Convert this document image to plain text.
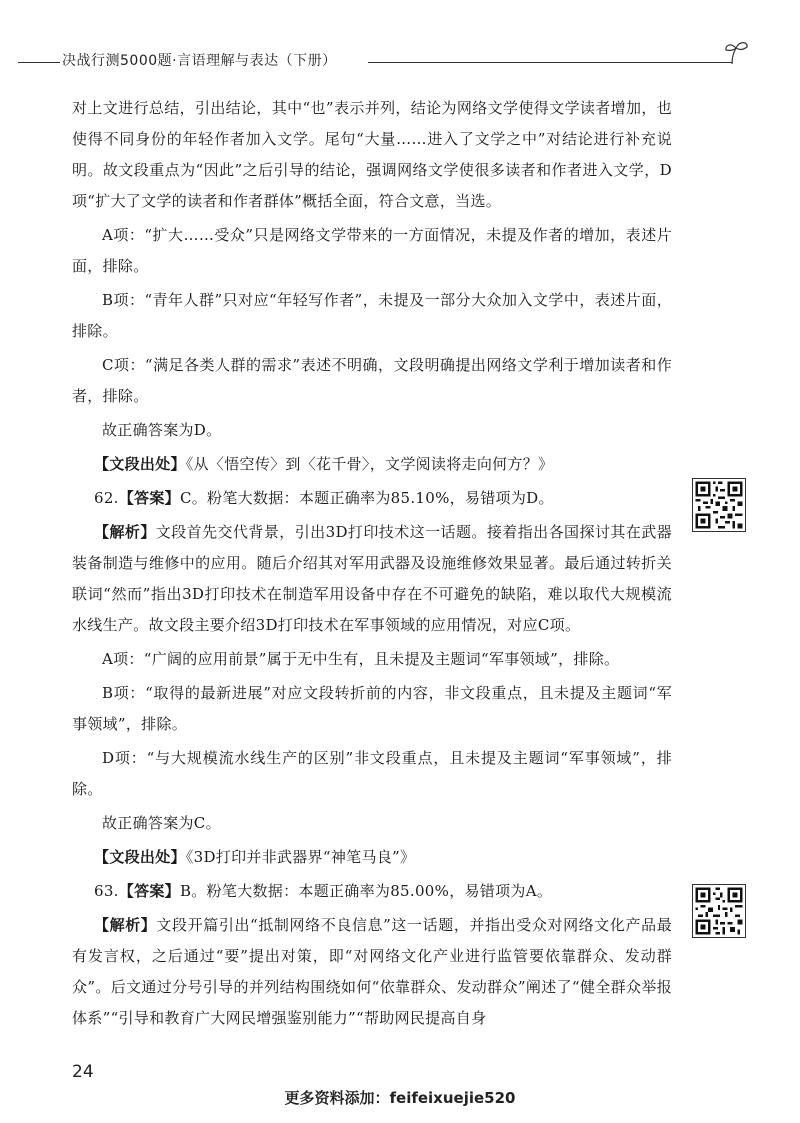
决战行测5000题·言语理解与表达（下册）

对上文进行总结，引出结论，其中“也”表示并列，结论为网络文学使得文学读者增加，也使得不同身份的年轻作者加入文学。尾句“大量……进入了文学之中”对结论进行补充说明。故文段重点为“因此”之后引导的结论，强调网络文学使很多读者和作者进入文学，D项“扩大了文学的读者和作者群体”概括全面，符合文意，当选。

A项：“扩大……受众”只是网络文学带来的一方面情况，未提及作者的增加，表述片面，排除。

B项：“青年人群”只对应“年轻写作者”，未提及一部分大众加入文学中，表述片面，排除。

C项：“满足各类人群的需求”表述不明确，文段明确提出网络文学利于增加读者和作者，排除。

故正确答案为D。

【文段出处】《从〈悟空传〉到〈花千骨〉，文学阅读将走向何方？》

62.【答案】C。粉笔大数据：本题正确率为85.10%，易错项为D。

【解析】文段首先交代背景，引出3D打印技术这一话题。接着指出各国探讨其在武器装备制造与维修中的应用。随后介绍其对军用武器及设施维修效果显著。最后通过转折关联词“然而”指出3D打印技术在制造军用设备中存在不可避免的缺陷，难以取代大规模流水线生产。故文段主要介绍3D打印技术在军事领域的应用情况，对应C项。

A项：“广阔的应用前景”属于无中生有，且未提及主题词“军事领域”，排除。

B项：“取得的最新进展”对应文段转折前的内容，非文段重点，且未提及主题词“军事领域”，排除。

D项：“与大规模流水线生产的区别”非文段重点，且未提及主题词“军事领域”，排除。

故正确答案为C。

【文段出处】《3D打印并非武器界“神笔马良”》

63.【答案】B。粉笔大数据：本题正确率为85.00%，易错项为A。

【解析】文段开篇引出“抵制网络不良信息”这一话题，并指出受众对网络文化产品最有发言权，之后通过“要”提出对策，即“对网络文化产业进行监管要依靠群众、发动群众”。后文通过分号引导的并列结构围绕如何“依靠群众、发动群众”阐述了“健全群众举报体系”“引导和教育广大网民增强鉴别能力”“帮助网民提高自身

24
更多资料添加：feifeixuejie520
